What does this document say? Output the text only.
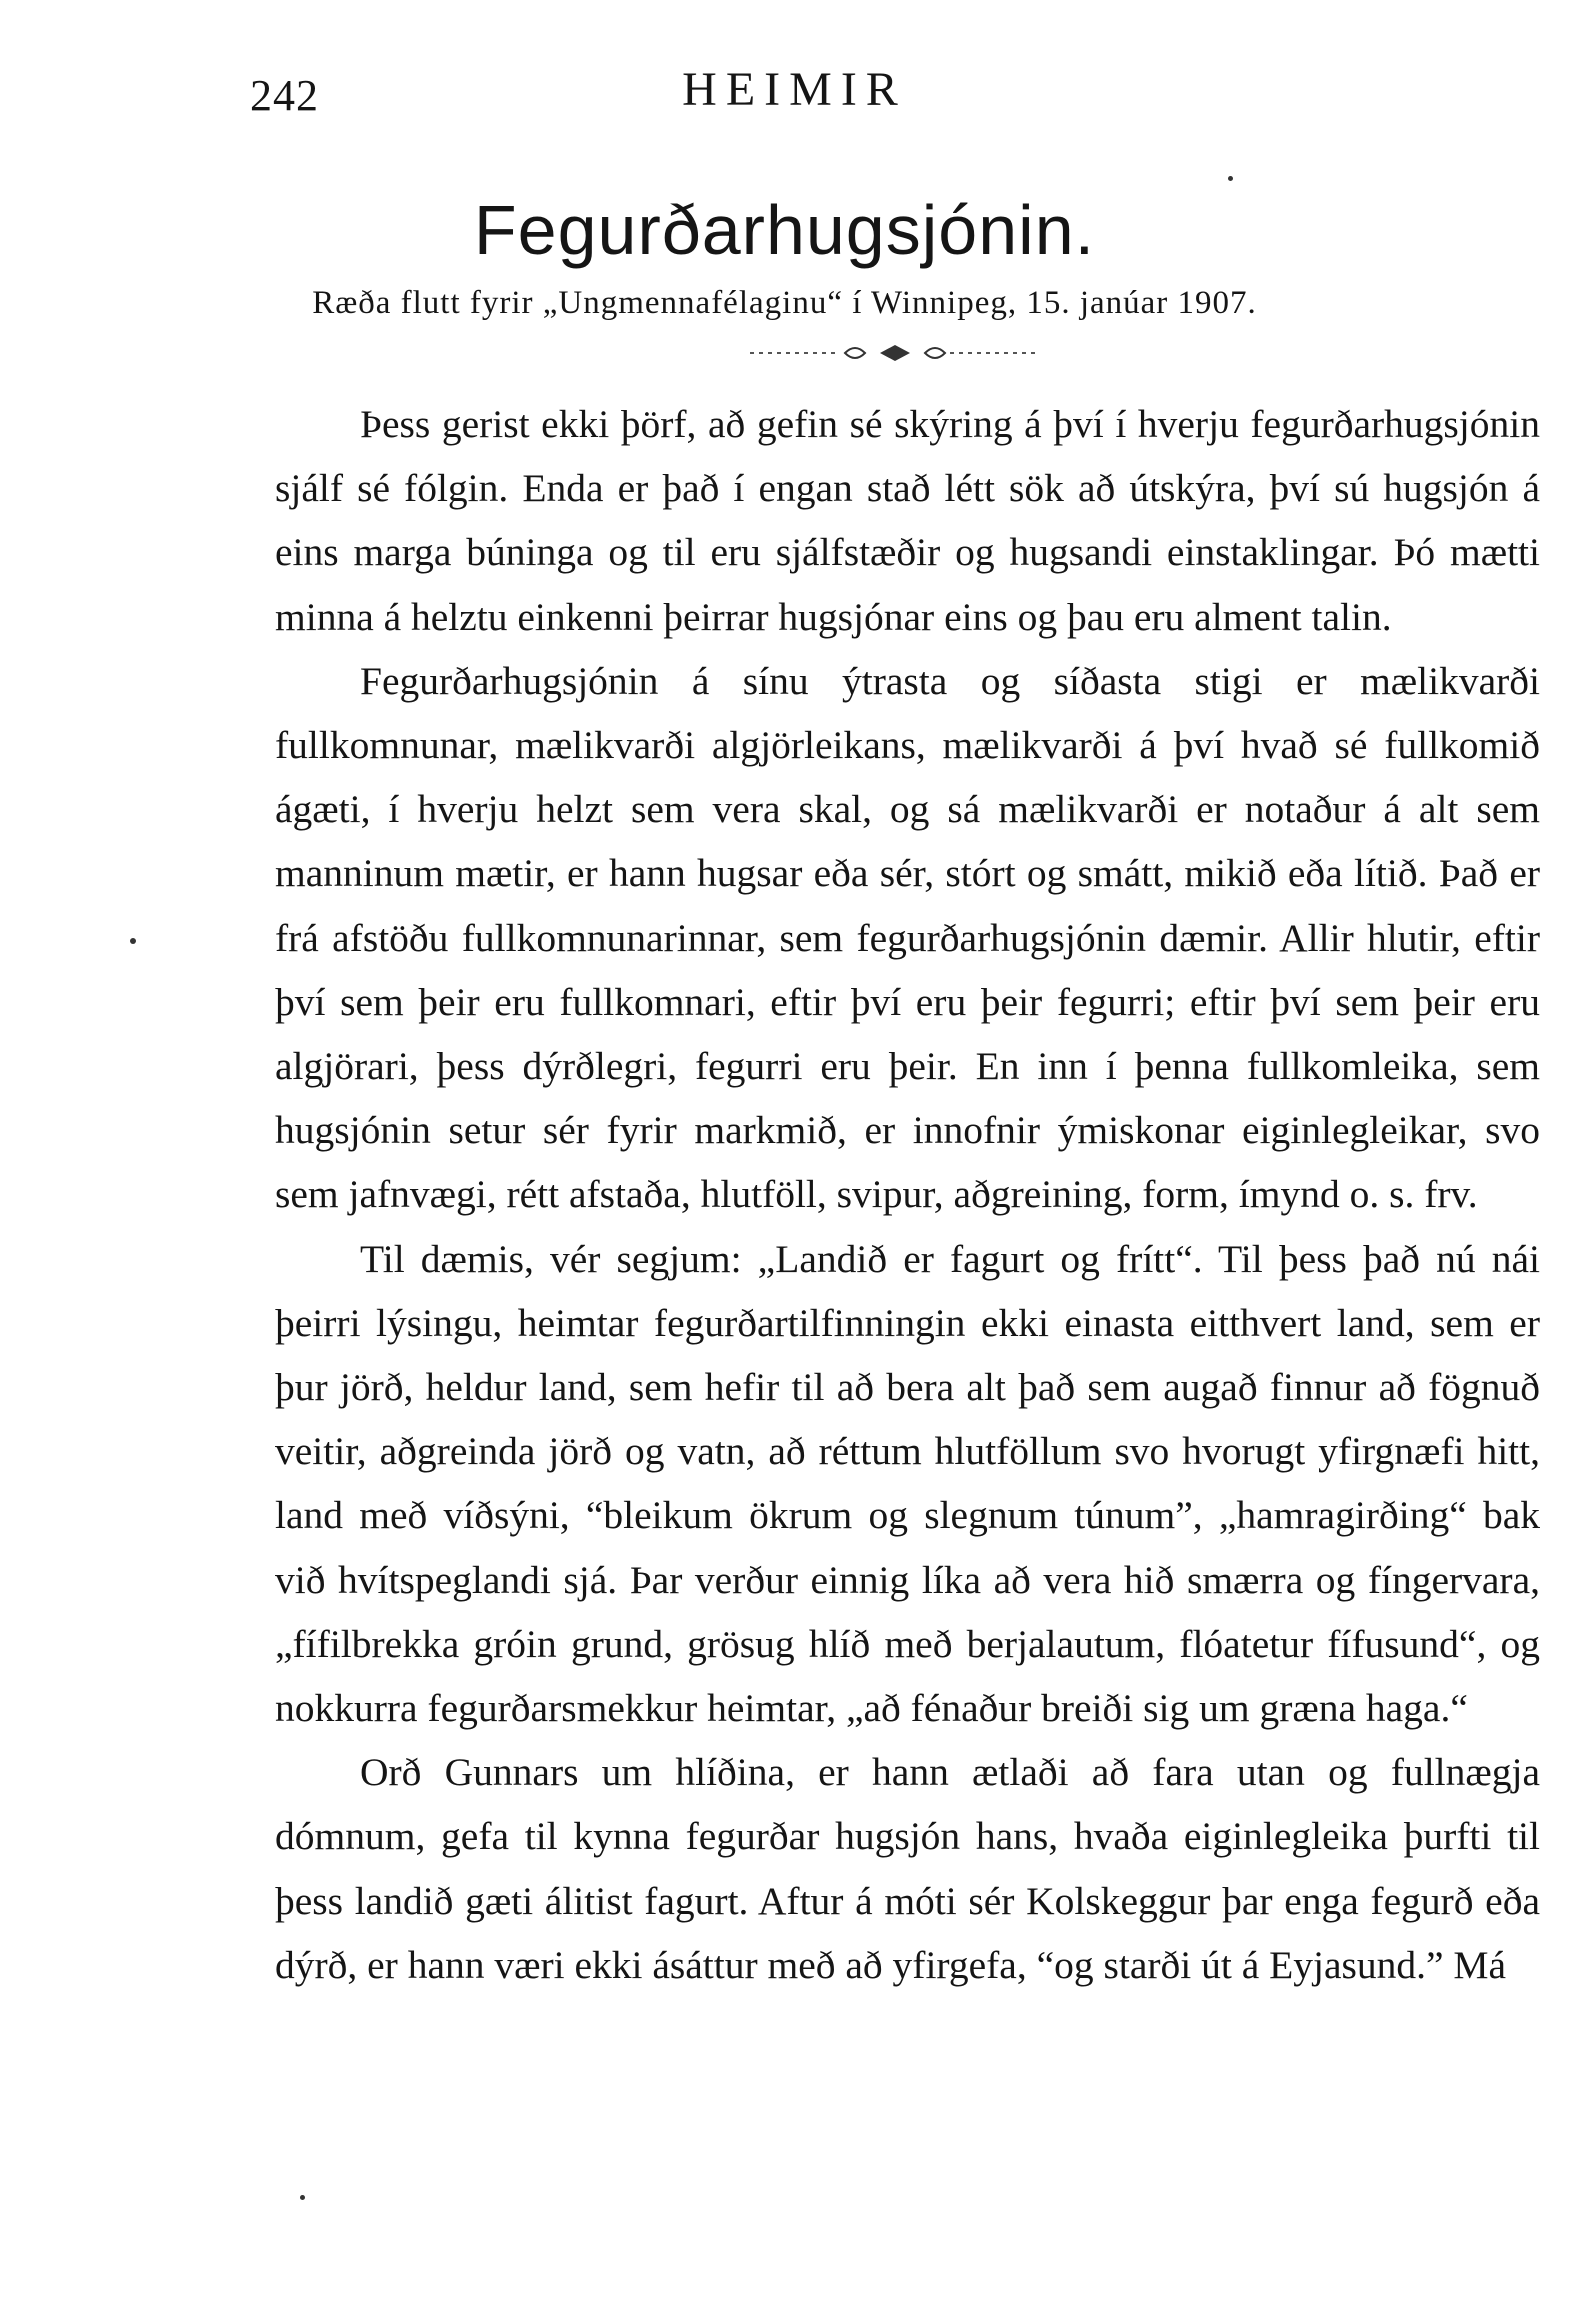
242	HEIMIR
Fegurðarhugsjónin.
Ræða flutt fyrir „Ungmennafélaginu“ í Winnipeg, 15. janúar 1907.

Þess gerist ekki þörf, að gefin sé skýring á því í hverju fegurðarhugsjónin sjálf sé fólgin. Enda er það í engan stað létt sök að útskýra, því sú hugsjón á eins marga búninga og til eru sjálfstæðir og hugsandi einstaklingar. Þó mætti minna á helztu einkenni þeirrar hugsjónar eins og þau eru alment talin.

Fegurðarhugsjónin á sínu ýtrasta og síðasta stigi er mælikvarði fullkomnunar, mælikvarði algjörleikans, mælikvarði á því hvað sé fullkomið ágæti, í hverju helzt sem vera skal, og sá mælikvarði er notaður á alt sem manninum mætir, er hann hugsar eða sér, stórt og smátt, mikið eða lítið. Það er frá afstöðu fullkomnunarinnar, sem fegurðarhugsjónin dæmir. Allir hlutir, eftir því sem þeir eru fullkomnari, eftir því eru þeir fegurri; eftir því sem þeir eru algjörari, þess dýrðlegri, fegurri eru þeir. En inn í þenna fullkomleika, sem hugsjónin setur sér fyrir markmið, er innofnir ýmiskonar eiginlegleikar, svo sem jafnvægi, rétt afstaða, hlutföll, svipur, aðgreining, form, ímynd o. s. frv.

Til dæmis, vér segjum: „Landið er fagurt og frítt“. Til þess það nú nái þeirri lýsingu, heimtar fegurðartilfinningin ekki einasta eitthvert land, sem er þur jörð, heldur land, sem hefir til að bera alt það sem augað finnur að fögnuð veitir, aðgreinda jörð og vatn, að réttum hlutföllum svo hvorugt yfirgnæfi hitt, land með víðsýni, “bleikum ökrum og slegnum túnum”, „hamragirðing“ bak við hvítspeglandi sjá. Þar verður einnig líka að vera hið smærra og fíngervara, „fífilbrekka gróin grund, grösug hlíð með berjalautum, flóatetur fífusund“, og nokkurra fegurðarsmekkur heimtar, „að fénaður breiði sig um græna haga.“

Orð Gunnars um hlíðina, er hann ætlaði að fara utan og fullnægja dómnum, gefa til kynna fegurðar hugsjón hans, hvaða eiginlegleika þurfti til þess landið gæti álitist fagurt. Aftur á móti sér Kolskeggur þar enga fegurð eða dýrð, er hann væri ekki ásáttur með að yfirgefa, “og starði út á Eyjasund.” Má
